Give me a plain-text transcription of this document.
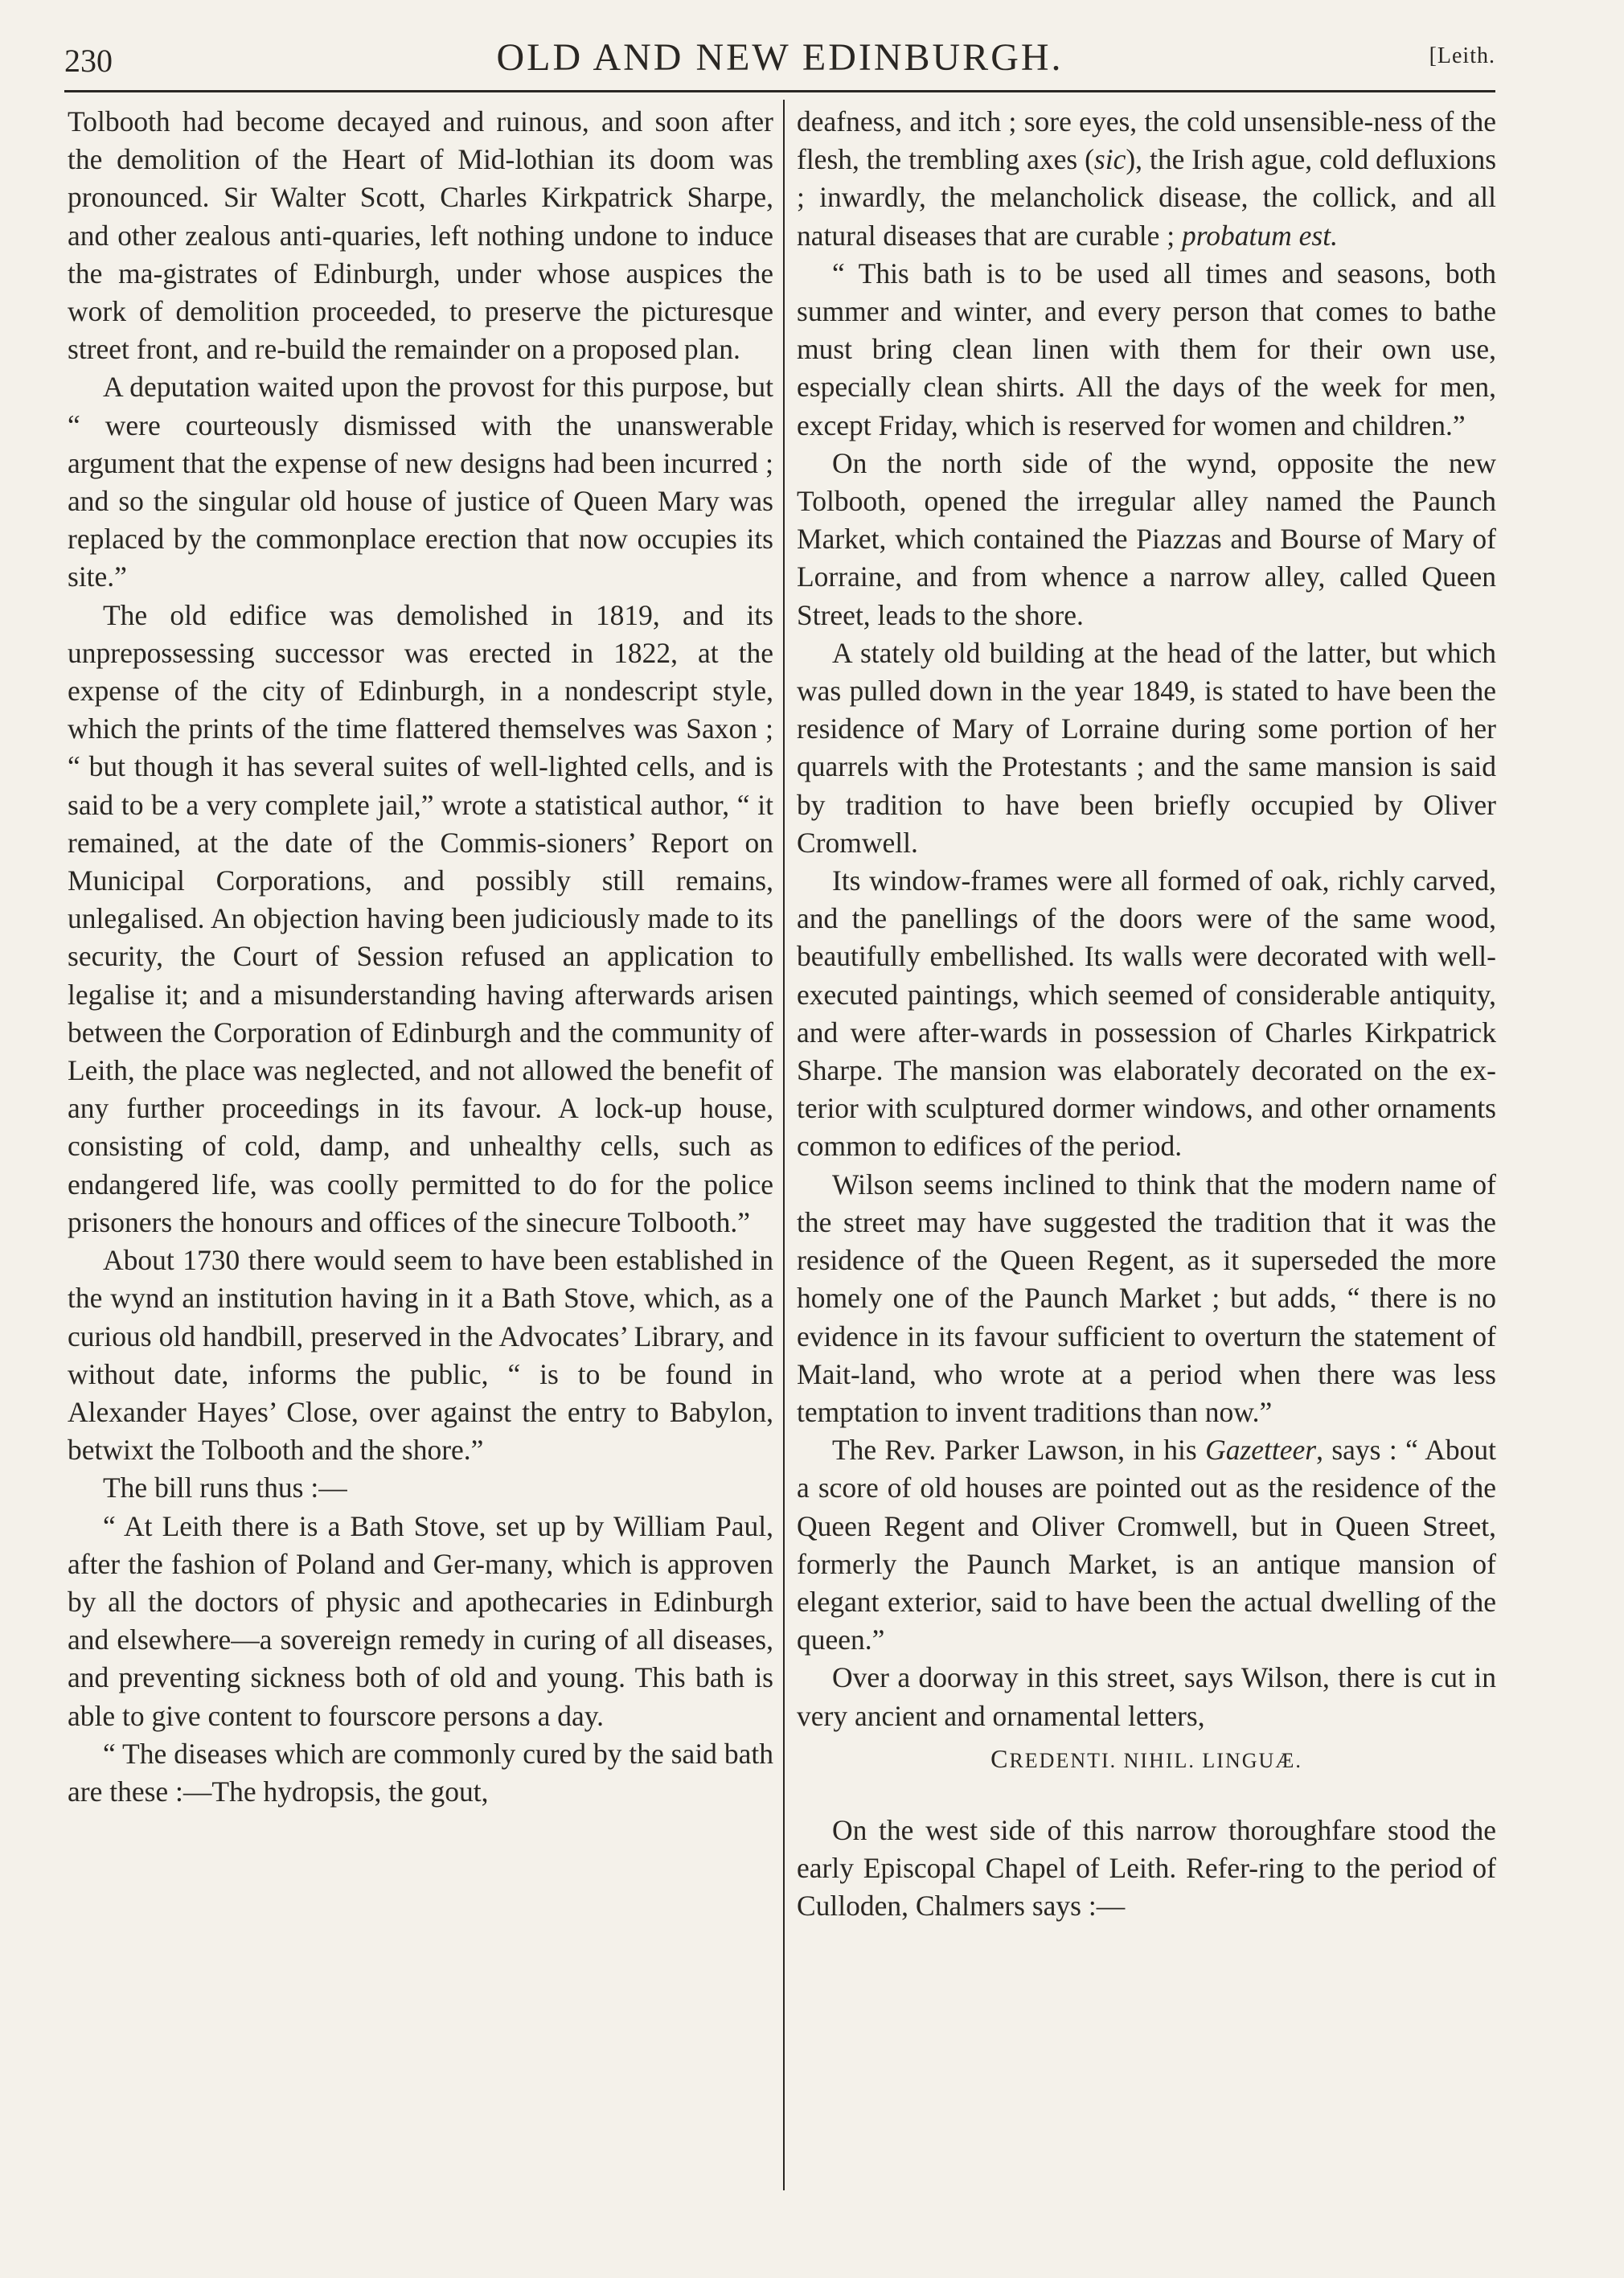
230	OLD AND NEW EDINBURGH.	[Leith.

Tolbooth had become decayed and ruinous, and soon after the demolition of the Heart of Mid-lothian its doom was pronounced. Sir Walter Scott, Charles Kirkpatrick Sharpe, and other zealous anti-quaries, left nothing undone to induce the ma-gistrates of Edinburgh, under whose auspices the work of demolition proceeded, to preserve the picturesque street front, and re-build the remainder on a proposed plan.

A deputation waited upon the provost for this purpose, but “ were courteously dismissed with the unanswerable argument that the expense of new designs had been incurred ; and so the singular old house of justice of Queen Mary was replaced by the commonplace erection that now occupies its site.”

The old edifice was demolished in 1819, and its unprepossessing successor was erected in 1822, at the expense of the city of Edinburgh, in a nondescript style, which the prints of the time flattered themselves was Saxon ; “ but though it has several suites of well-lighted cells, and is said to be a very complete jail,” wrote a statistical author, “ it remained, at the date of the Commis-sioners’ Report on Municipal Corporations, and possibly still remains, unlegalised. An objection having been judiciously made to its security, the Court of Session refused an application to legalise it; and a misunderstanding having afterwards arisen between the Corporation of Edinburgh and the community of Leith, the place was neglected, and not allowed the benefit of any further proceedings in its favour. A lock-up house, consisting of cold, damp, and unhealthy cells, such as endangered life, was coolly permitted to do for the police prisoners the honours and offices of the sinecure Tolbooth.”

About 1730 there would seem to have been established in the wynd an institution having in it a Bath Stove, which, as a curious old handbill, preserved in the Advocates’ Library, and without date, informs the public, “ is to be found in Alexander Hayes’ Close, over against the entry to Babylon, betwixt the Tolbooth and the shore.”

The bill runs thus :—

“ At Leith there is a Bath Stove, set up by William Paul, after the fashion of Poland and Ger-many, which is approven by all the doctors of physic and apothecaries in Edinburgh and elsewhere—a sovereign remedy in curing of all diseases, and preventing sickness both of old and young. This bath is able to give content to fourscore persons a day.

“ The diseases which are commonly cured by the said bath are these :—The hydropsis, the gout,

deafness, and itch ; sore eyes, the cold unsensible-ness of the flesh, the trembling axes (sic), the Irish ague, cold defluxions ; inwardly, the melancholick disease, the collick, and all natural diseases that are curable ; probatum est.

“ This bath is to be used all times and seasons, both summer and winter, and every person that comes to bathe must bring clean linen with them for their own use, especially clean shirts. All the days of the week for men, except Friday, which is reserved for women and children.”

On the north side of the wynd, opposite the new Tolbooth, opened the irregular alley named the Paunch Market, which contained the Piazzas and Bourse of Mary of Lorraine, and from whence a narrow alley, called Queen Street, leads to the shore.

A stately old building at the head of the latter, but which was pulled down in the year 1849, is stated to have been the residence of Mary of Lorraine during some portion of her quarrels with the Protestants ; and the same mansion is said by tradition to have been briefly occupied by Oliver Cromwell.

Its window-frames were all formed of oak, richly carved, and the panellings of the doors were of the same wood, beautifully embellished. Its walls were decorated with well-executed paintings, which seemed of considerable antiquity, and were after-wards in possession of Charles Kirkpatrick Sharpe. The mansion was elaborately decorated on the ex-terior with sculptured dormer windows, and other ornaments common to edifices of the period.

Wilson seems inclined to think that the modern name of the street may have suggested the tradition that it was the residence of the Queen Regent, as it superseded the more homely one of the Paunch Market ; but adds, “ there is no evidence in its favour sufficient to overturn the statement of Mait-land, who wrote at a period when there was less temptation to invent traditions than now.”

The Rev. Parker Lawson, in his Gazetteer, says : “ About a score of old houses are pointed out as the residence of the Queen Regent and Oliver Cromwell, but in Queen Street, formerly the Paunch Market, is an antique mansion of elegant exterior, said to have been the actual dwelling of the queen.”

Over a doorway in this street, says Wilson, there is cut in very ancient and ornamental letters,

CREDENTI. NIHIL. LINGUÆ.

On the west side of this narrow thoroughfare stood the early Episcopal Chapel of Leith. Refer-ring to the period of Culloden, Chalmers says :—
